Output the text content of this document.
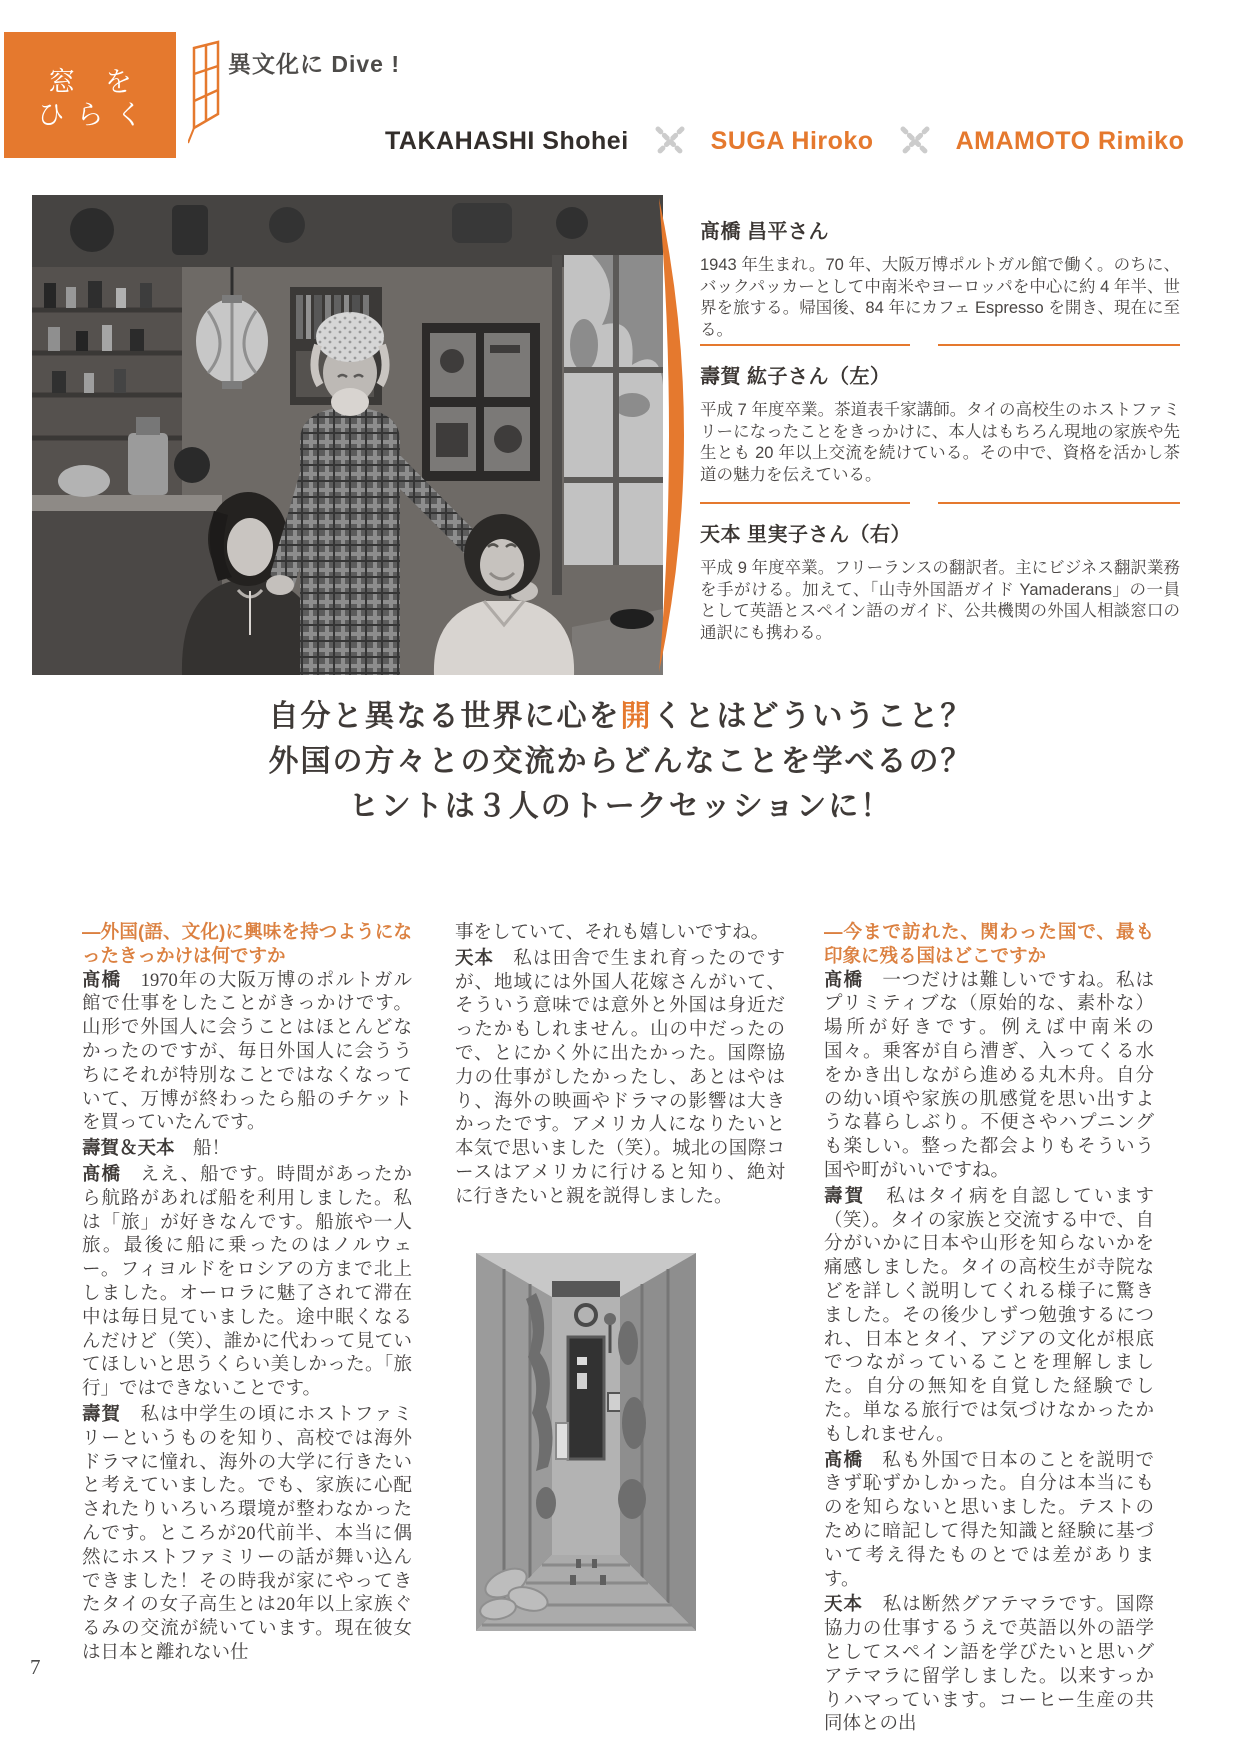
窓を
ひらく
異文化に Dive !
TAKAHASHI Shohei	SUGA Hiroko	AMAMOTO Rimiko
髙橋 昌平さん

1943 年生まれ。70 年、大阪万博ポルトガル館で働く。のちに、バックパッカーとして中南米やヨーロッパを中心に約 4 年半、世界を旅する。帰国後、84 年にカフェ Espresso を開き、現在に至る。

壽賀 紘子さん（左）

平成 7 年度卒業。茶道表千家講師。タイの高校生のホストファミリーになったことをきっかけに、本人はもちろん現地の家族や先生とも 20 年以上交流を続けている。その中で、資格を活かし茶道の魅力を伝えている。

天本 里実子さん（右）

平成 9 年度卒業。フリーランスの翻訳者。主にビジネス翻訳業務を手がける。加えて、「山寺外国語ガイド Yamaderans」の一員として英語とスペイン語のガイド、公共機関の外国人相談窓口の通訳にも携わる。

自分と異なる世界に心を開くとはどういうこと？
外国の方々との交流からどんなことを学べるの？
ヒントは３人のトークセッションに！

—外国(語、文化)に興味を持つようになったきっかけは何ですか

髙橋 1970年の大阪万博のポルトガル館で仕事をしたことがきっかけです。山形で外国人に会うことはほとんどなかったのですが、毎日外国人に会ううちにそれが特別なことではなくなっていて、万博が終わったら船のチケットを買っていたんです。

壽賀＆天本 船！

髙橋 ええ、船です。時間があったから航路があれば船を利用しました。私は「旅」が好きなんです。船旅や一人旅。最後に船に乗ったのはノルウェー。フィヨルドをロシアの方まで北上しました。オーロラに魅了されて滞在中は毎日見ていました。途中眠くなるんだけど（笑）、誰かに代わって見ていてほしいと思うくらい美しかった。「旅行」ではできないことです。

壽賀 私は中学生の頃にホストファミリーというものを知り、高校では海外ドラマに憧れ、海外の大学に行きたいと考えていました。でも、家族に心配されたりいろいろ環境が整わなかったんです。ところが20代前半、本当に偶然にホストファミリーの話が舞い込んできました！その時我が家にやってきたタイの女子高生とは20年以上家族ぐるみの交流が続いています。現在彼女は日本と離れない仕

事をしていて、それも嬉しいですね。

天本 私は田舎で生まれ育ったのですが、地域には外国人花嫁さんがいて、そういう意味では意外と外国は身近だったかもしれません。山の中だったので、とにかく外に出たかった。国際協力の仕事がしたかったし、あとはやはり、海外の映画やドラマの影響は大きかったです。アメリカ人になりたいと本気で思いました（笑）。城北の国際コースはアメリカに行けると知り、絶対に行きたいと親を説得しました。

—今まで訪れた、関わった国で、最も印象に残る国はどこですか

髙橋 一つだけは難しいですね。私はプリミティブな（原始的な、素朴な）場所が好きです。例えば中南米の国々。乗客が自ら漕ぎ、入ってくる水をかき出しながら進める丸木舟。自分の幼い頃や家族の肌感覚を思い出すような暮らしぶり。不便さやハプニングも楽しい。整った都会よりもそういう国や町がいいですね。

壽賀 私はタイ病を自認しています（笑）。タイの家族と交流する中で、自分がいかに日本や山形を知らないかを痛感しました。タイの高校生が寺院などを詳しく説明してくれる様子に驚きました。その後少しずつ勉強するにつれ、日本とタイ、アジアの文化が根底でつながっていることを理解しました。自分の無知を自覚した経験でした。単なる旅行では気づけなかったかもしれません。

髙橋 私も外国で日本のことを説明できず恥ずかしかった。自分は本当にものを知らないと思いました。テストのために暗記して得た知識と経験に基づいて考え得たものとでは差があります。

天本 私は断然グアテマラです。国際協力の仕事するうえで英語以外の語学としてスペイン語を学びたいと思いグアテマラに留学しました。以来すっかりハマっています。コーヒー生産の共同体との出

7
